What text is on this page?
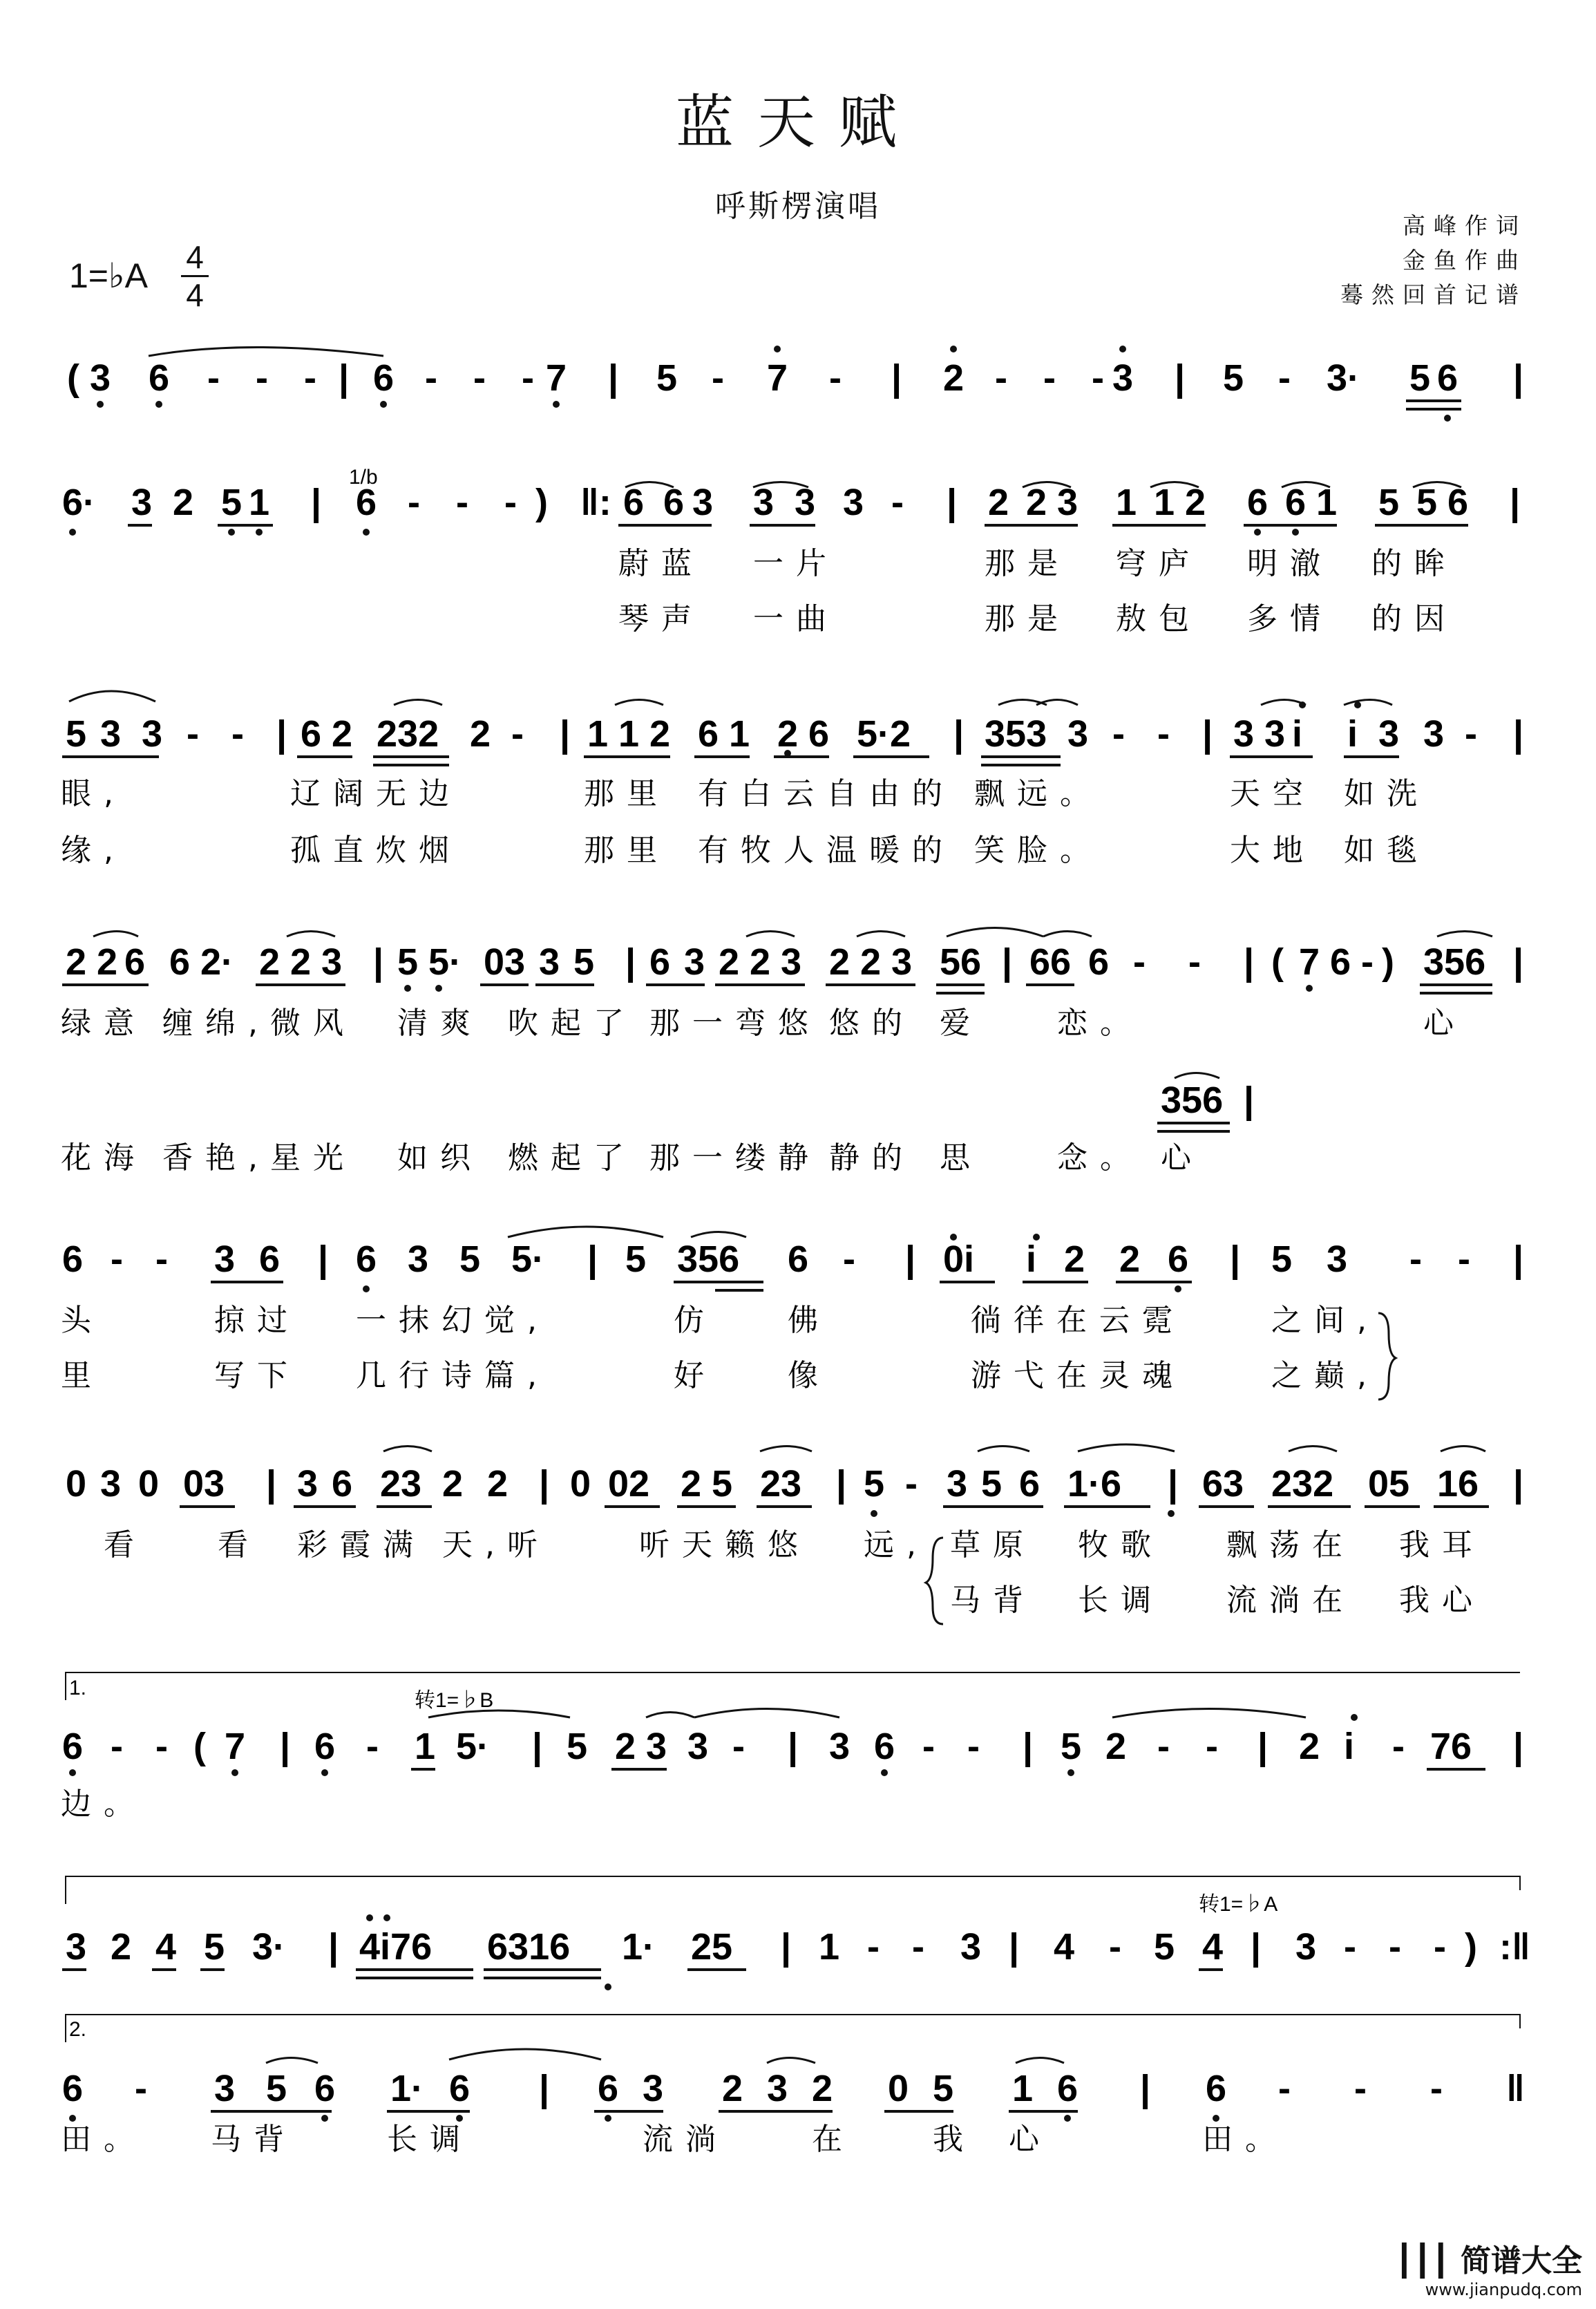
蓝天赋
呼斯楞演唱
高峰作词
金鱼作曲
蓦然回首记谱
1=♭A 4
4
( 3 6 - - - | 6 - - - 7 | 5 - 7 - | 2 - - - 3 | 5 - 3· 5 6 |
6· 3 2 5 1 | 6 - - - ) ‖: 6 6 3 3 3 3 - | 2 2 3 1 1 2 6 6 1 5 5 6 |
5 3 3 - - | 6 2 232 2 - | 1 1 2 6 1 2 6 5·2 | 353 3 - - | 3 3 i i 3 3 - |
2 2 6 6 2· 2 2 3 | 5 5· 03 3 5 | 6 3 2 2 3 2 2 3 56 | 66 6 - - | ( 7 6 - ) 356 |
356 |
6 - - 3 6 | 6 3 5 5· | 5 356 6 - | 0i i 2 2 6 | 5 3 - - |
0 3 0 03 | 3 6 23 2 2 | 0 02 2 5 23 | 5 - 3 5 6 1·6 | 63 232 05 16 |
6 - - ( 7 | 6 - 1 5· | 5 2 3 3 - | 3 6 - - | 5 2 - - | 2 i - 76 |
3 2 4 5 3· | 4i76 6316 1· 25 | 1 - - 3 | 4 - 5 4 | 3 - - - ) :‖
6 - 3 5 6 1· 6 | 6 3 2 3 2 0 5 1 6 | 6 - - - ‖
1/b
转1=♭B
转1=♭A
1.
2.
蔚蓝 一片	那是 穹庐 明澈 的眸
琴声 一曲	那是 敖包 多情 的因
眼,	辽阔无边	那里 有白云自由的 飘远。	天空 如洗
缘,	孤直炊烟	那里 有牧人温暖的 笑脸。	大地 如毯
绿意 缠绵,微风 清爽 吹起了 那一弯悠 悠的 爱 恋。	心
花海 香艳,星光 如织 燃起了 那一缕静 静的 思 念。 心
头	掠过 一抹幻觉,	仿 佛	徜徉在云霓	之间,
里	写下 几行诗篇,	好 像	游弋在灵魂	之巅,
看 看 彩霞满 天,听	听天籁悠 远, 草原 牧歌 飘荡在 我耳
马背 长调 流淌在 我心
边。
田。 马背	长调	流淌	在	我 心	田。
┃┃┃ 简谱大全
www.jianpudq.com
